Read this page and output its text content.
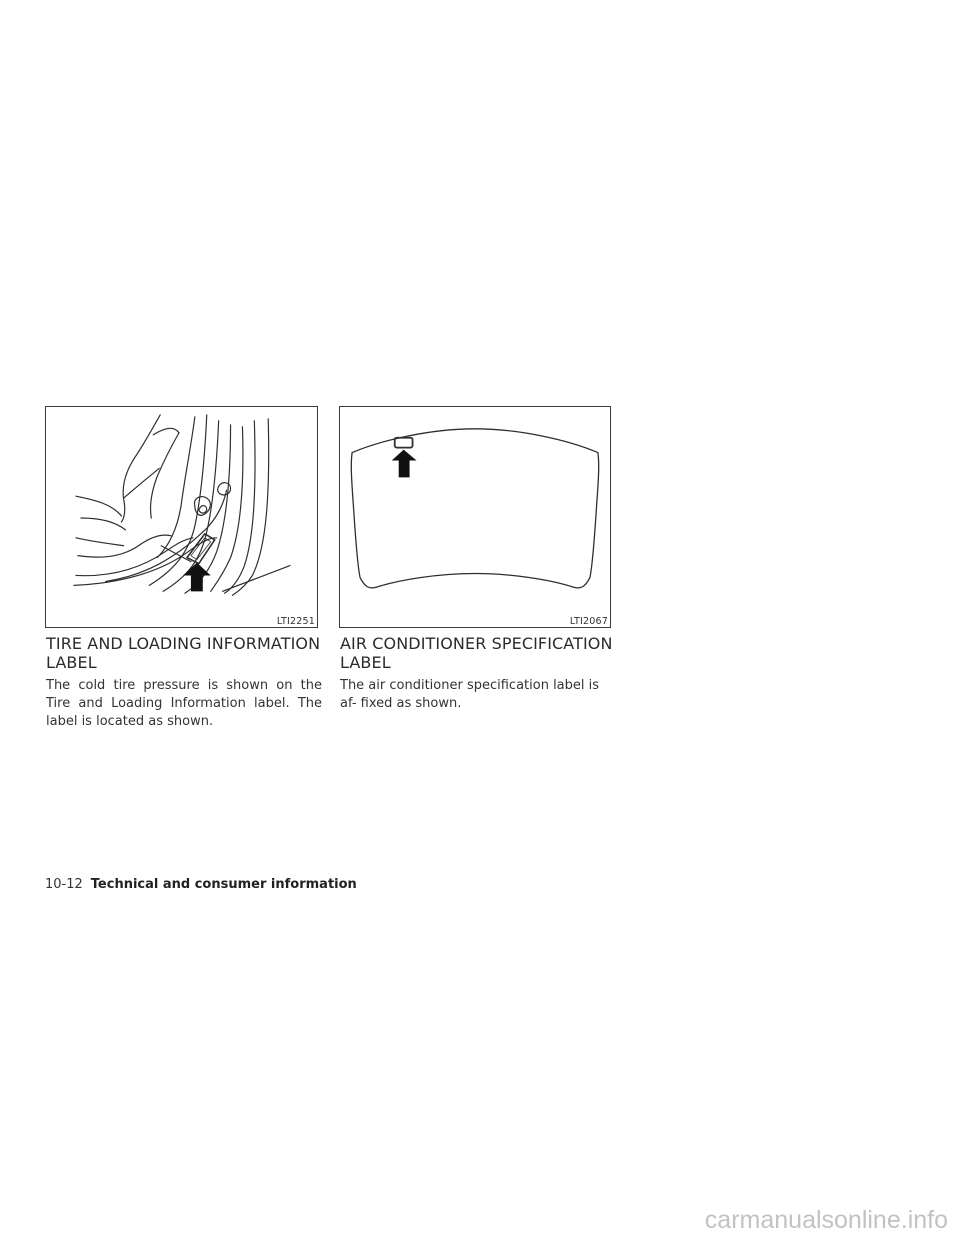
LTI2251	LTI2067
TIRE AND LOADING INFORMATION LABEL

The cold tire pressure is shown on the Tire and Loading Information label. The label is located as shown.

AIR CONDITIONER SPECIFICATION LABEL

The air conditioner specification label is af- fixed as shown.

10-12 Technical and consumer information
carmanualsonline.info
